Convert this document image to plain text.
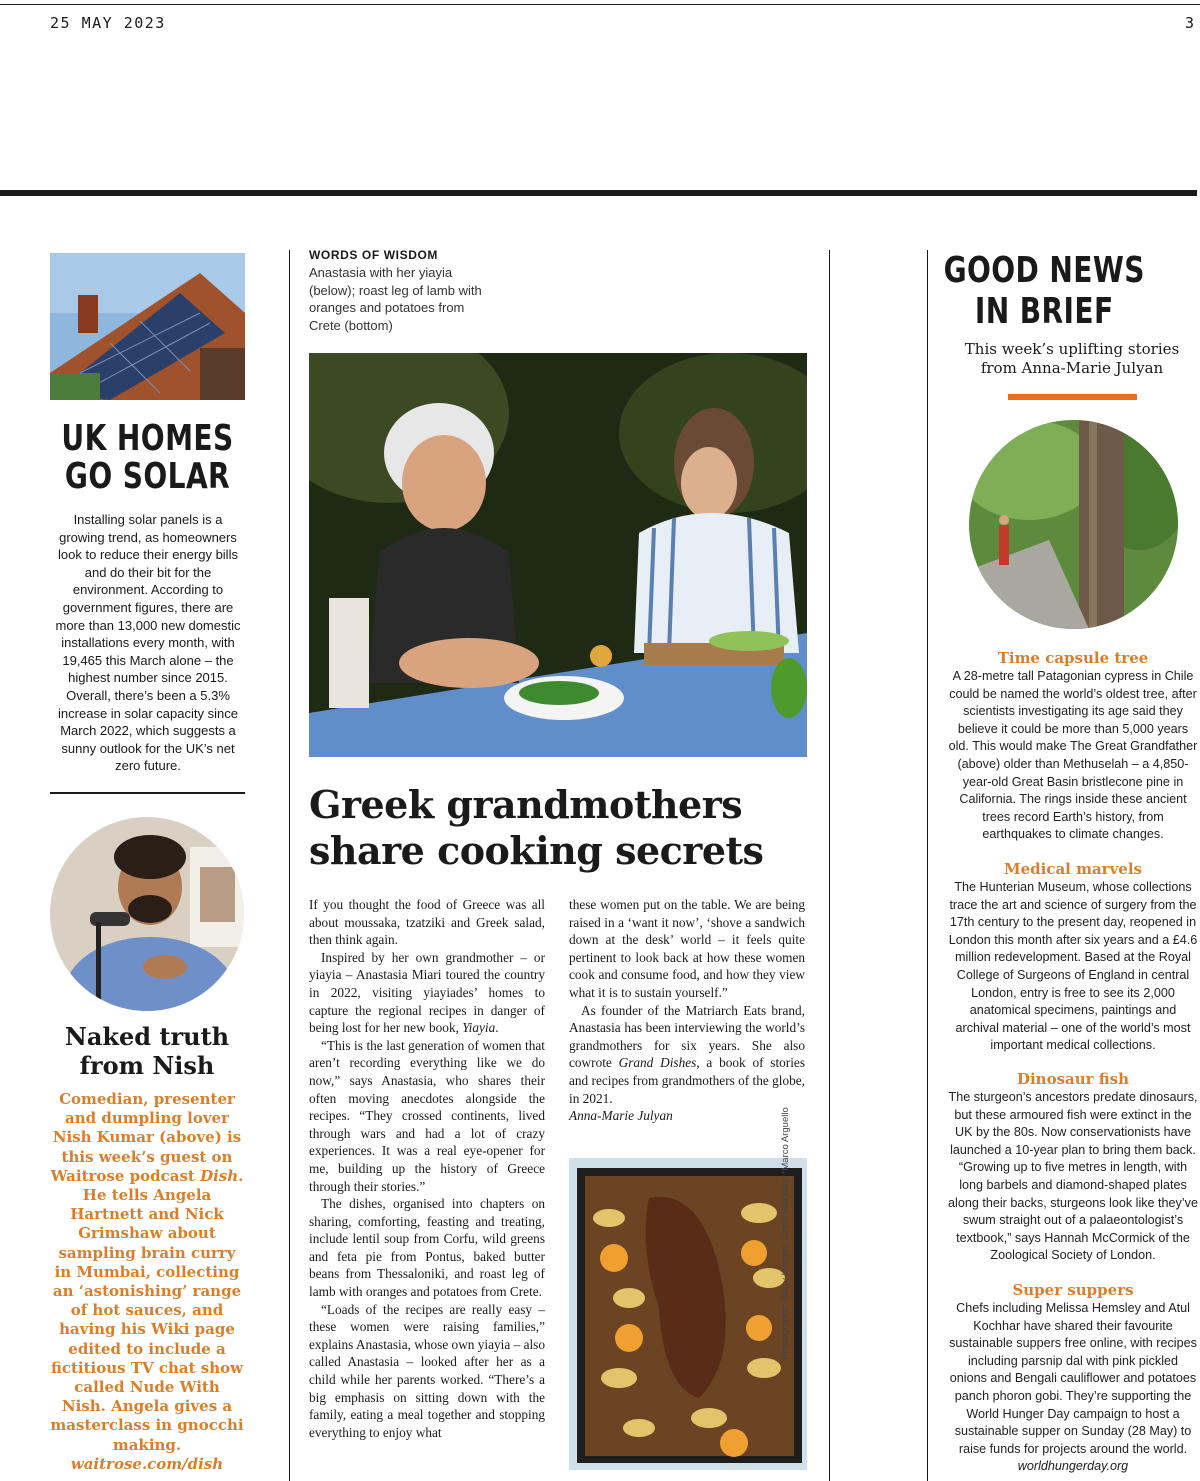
25 MAY 2023	3
UK HOMES
GO SOLAR
Installing solar panels is a growing trend, as homeowners look to reduce their energy bills and do their bit for the environment. According to government figures, there are more than 13,000 new domestic installations every month, with 19,465 this March alone – the highest number since 2015. Overall, there’s been a 5.3% increase in solar capacity since March 2022, which suggests a sunny outlook for the UK’s net zero future.
Naked truth from Nish
Comedian, presenter and dumpling lover Nish Kumar (above) is this week’s guest on Waitrose podcast Dish. He tells Angela Hartnett and Nick Grimshaw about sampling brain curry in Mumbai, collecting an ‘astonishing’ range of hot sauces, and having his Wiki page edited to include a fictitious TV chat show called Nude With Nish. Angela gives a masterclass in gnocchi making.
waitrose.com/dish
WORDS OF WISDOM
Anastasia with her yiayia (below); roast leg of lamb with oranges and potatoes from Crete (bottom)
Greek grandmothers share cooking secrets

If you thought the food of Greece was all about moussaka, tzatziki and Greek salad, then think again.

Inspired by her own grandmother – or yiayia – Anastasia Miari toured the country in 2022, visiting yiayiades’ homes to capture the regional recipes in danger of being lost for her new book, Yiayia.

“This is the last generation of women that aren’t recording everything like we do now,” says Anastasia, who shares their often moving anecdotes alongside the recipes. “They crossed continents, lived through wars and had a lot of crazy experiences. It was a real eye-opener for me, building up the history of Greece through their stories.”

The dishes, organised into chapters on sharing, comforting, feasting and treating, include lentil soup from Corfu, wild greens and feta pie from Pontus, baked butter beans from Thessaloniki, and roast leg of lamb with oranges and potatoes from Crete.

“Loads of the recipes are really easy – these women were raising families,” explains Anastasia, whose own yiayia – also called Anastasia – looked after her as a child while her parents worked. “There’s a big emphasis on sitting down with the family, eating a meal together and stopping everything to enjoy what

these women put on the table. We are being raised in a ‘want it now’, ‘shove a sandwich down at the desk’ world – it feels quite pertinent to look back at how these women cook and consume food, and how they view what it is to sustain yourself.”

As founder of the Matriarch Eats brand, Anastasia has been interviewing the world’s grandmothers for six years. She also cowrote Grand Dishes, a book of stories and recipes from grandmothers of the globe, in 2021.

Anna-Marie Julyan	Photographs: Getty Images, Chris Blackley, *Marco Arguello
GOOD NEWS
IN BRIEF
This week’s uplifting stories from Anna-Marie Julyan
Time capsule tree

A 28-metre tall Patagonian cypress in Chile could be named the world’s oldest tree, after scientists investigating its age said they believe it could be more than 5,000 years old. This would make The Great Grandfather (above) older than Methuselah – a 4,850-year-old Great Basin bristlecone pine in California. The rings inside these ancient trees record Earth’s history, from earthquakes to climate changes.

Medical marvels

The Hunterian Museum, whose collections trace the art and science of surgery from the 17th century to the present day, reopened in London this month after six years and a £4.6 million redevelopment. Based at the Royal College of Surgeons of England in central London, entry is free to see its 2,000 anatomical specimens, paintings and archival material – one of the world’s most important medical collections.

Dinosaur fish

The sturgeon’s ancestors predate dinosaurs, but these armoured fish were extinct in the UK by the 80s. Now conservationists have launched a 10-year plan to bring them back. “Growing up to five metres in length, with long barbels and diamond-shaped plates along their backs, sturgeons look like they’ve swum straight out of a palaeontologist’s textbook,” says Hannah McCormick of the Zoological Society of London.

Super suppers

Chefs including Melissa Hemsley and Atul Kochhar have shared their favourite sustainable suppers free online, with recipes including parsnip dal with pink pickled onions and Bengali cauliflower and potatoes panch phoron gobi. They’re supporting the World Hunger Day campaign to host a sustainable supper on Sunday (28 May) to raise funds for projects around the world. worldhungerday.org
